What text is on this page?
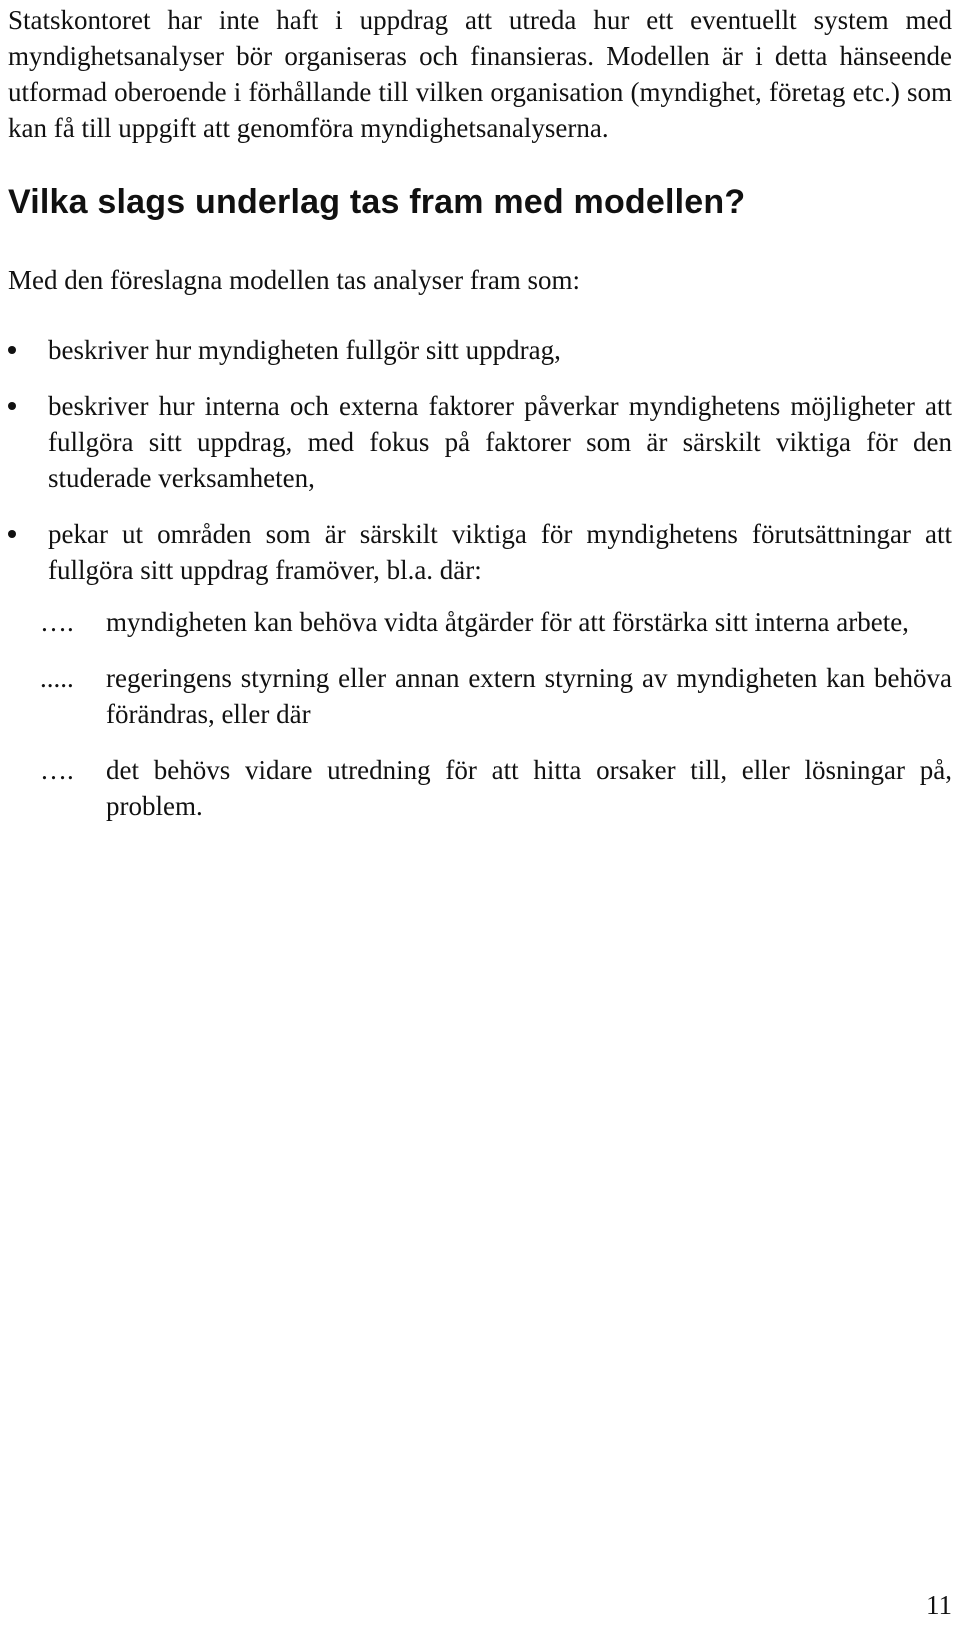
Statskontoret har inte haft i uppdrag att utreda hur ett eventuellt system med myndighetsanalyser bör organiseras och finansieras. Modellen är i detta hänseende utformad oberoende i förhållande till vilken organisation (myndighet, företag etc.) som kan få till uppgift att genomföra myndighetsanalyserna.

Vilka slags underlag tas fram med modellen?

Med den föreslagna modellen tas analyser fram som:

beskriver hur myndigheten fullgör sitt uppdrag,
beskriver hur interna och externa faktorer påverkar myndighetens möjligheter att fullgöra sitt uppdrag, med fokus på faktorer som är särskilt viktiga för den studerade verksamheten,
pekar ut områden som är särskilt viktiga för myndighetens förutsättningar att fullgöra sitt uppdrag framöver, bl.a. där:
…. myndigheten kan behöva vidta åtgärder för att förstärka sitt interna arbete,
..... regeringens styrning eller annan extern styrning av myndigheten kan behöva förändras, eller där
…. det behövs vidare utredning för att hitta orsaker till, eller lösningar på, problem.
11
